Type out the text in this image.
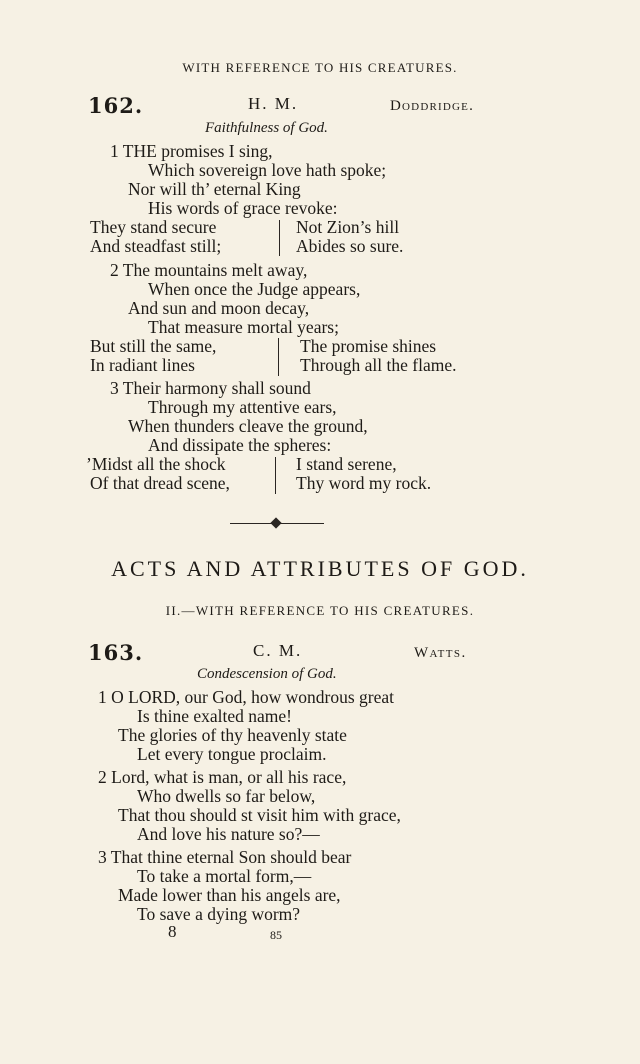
WITH REFERENCE TO HIS CREATURES.
162.	H. M.	Doddridge.
Faithfulness of God.
1 THE promises I sing,
Which sovereign love hath spoke;
Nor will th’ eternal King
His words of grace revoke:
They stand secure	Not Zion’s hill
And steadfast still;	Abides so sure.
2 The mountains melt away,
When once the Judge appears,
And sun and moon decay,
That measure mortal years;
But still the same,	The promise shines
In radiant lines	Through all the flame.
3 Their harmony shall sound
Through my attentive ears,
When thunders cleave the ground,
And dissipate the spheres:
’Midst all the shock	I stand serene,
Of that dread scene,	Thy word my rock.
ACTS AND ATTRIBUTES OF GOD.
II.—WITH REFERENCE TO HIS CREATURES.
163.	C. M.	Watts.
Condescension of God.
1 O LORD, our God, how wondrous great
Is thine exalted name!
The glories of thy heavenly state
Let every tongue proclaim.
2 Lord, what is man, or all his race,
Who dwells so far below,
That thou should st visit him with grace,
And love his nature so?—
3 That thine eternal Son should bear
To take a mortal form,—
Made lower than his angels are,
To save a dying worm?
8	85
